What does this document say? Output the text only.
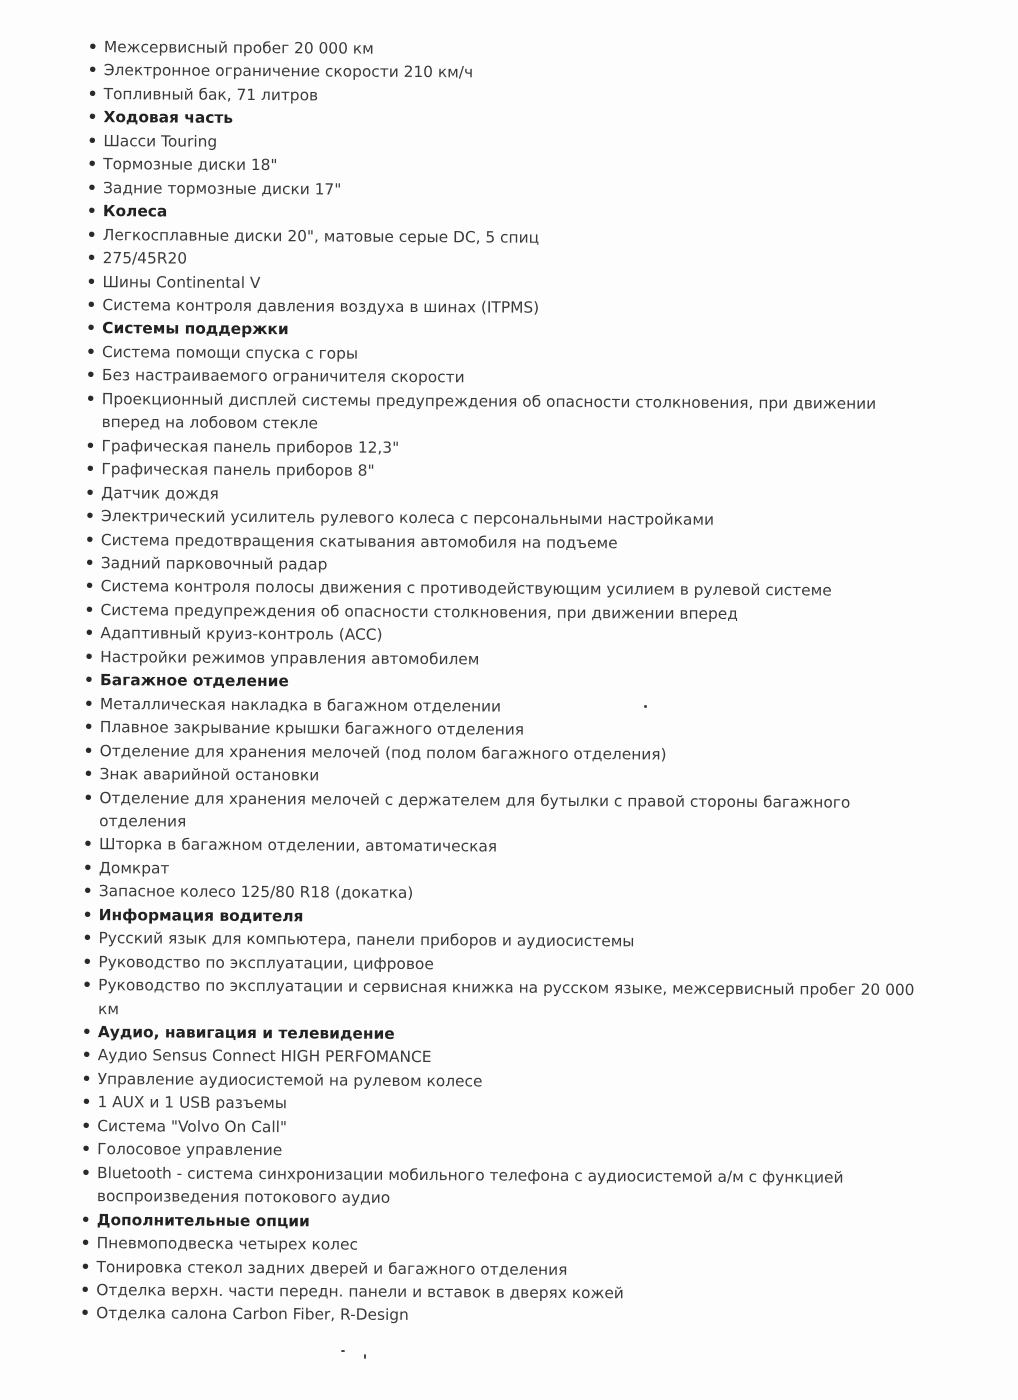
• Межсервисный пробег 20 000 км
• Электронное ограничение скорости 210 км/ч
• Топливный бак, 71 литров
• Ходовая часть
• Шасси Touring
• Тормозные диски 18"
• Задние тормозные диски 17"
• Колеса
• Легкосплавные диски 20", матовые серые DC, 5 спиц
• 275/45R20
• Шины Continental V
• Система контроля давления воздуха в шинах (ITPMS)
• Системы поддержки
• Система помощи спуска с горы
• Без настраиваемого ограничителя скорости
• Проекционный дисплей системы предупреждения об опасности столкновения, при движении вперед на лобовом стекле
• Графическая панель приборов 12,3"
• Графическая панель приборов 8"
• Датчик дождя
• Электрический усилитель рулевого колеса с персональными настройками
• Система предотвращения скатывания автомобиля на подъеме
• Задний парковочный радар
• Система контроля полосы движения с противодействующим усилием в рулевой системе
• Система предупреждения об опасности столкновения, при движении вперед
• Адаптивный круиз-контроль (ACC)
• Настройки режимов управления автомобилем
• Багажное отделение
• Металлическая накладка в багажном отделении
• Плавное закрывание крышки багажного отделения
• Отделение для хранения мелочей (под полом багажного отделения)
• Знак аварийной остановки
• Отделение для хранения мелочей с держателем для бутылки с правой стороны багажного отделения
• Шторка в багажном отделении, автоматическая
• Домкрат
• Запасное колесо 125/80 R18 (докатка)
• Информация водителя
• Русский язык для компьютера, панели приборов и аудиосистемы
• Руководство по эксплуатации, цифровое
• Руководство по эксплуатации и сервисная книжка на русском языке, межсервисный пробег 20 000 км
• Аудио, навигация и телевидение
• Аудио Sensus Connect HIGH PERFOMANCE
• Управление аудиосистемой на рулевом колесе
• 1 AUX и 1 USB разъемы
• Система "Volvo On Call"
• Голосовое управление
• Bluetooth - система синхронизации мобильного телефона с аудиосистемой а/м с функцией воспроизведения потокового аудио
• Дополнительные опции
• Пневмоподвеска четырех колес
• Тонировка стекол задних дверей и багажного отделения
• Отделка верхн. части передн. панели и вставок в дверях кожей
• Отделка салона Carbon Fiber, R-Design
